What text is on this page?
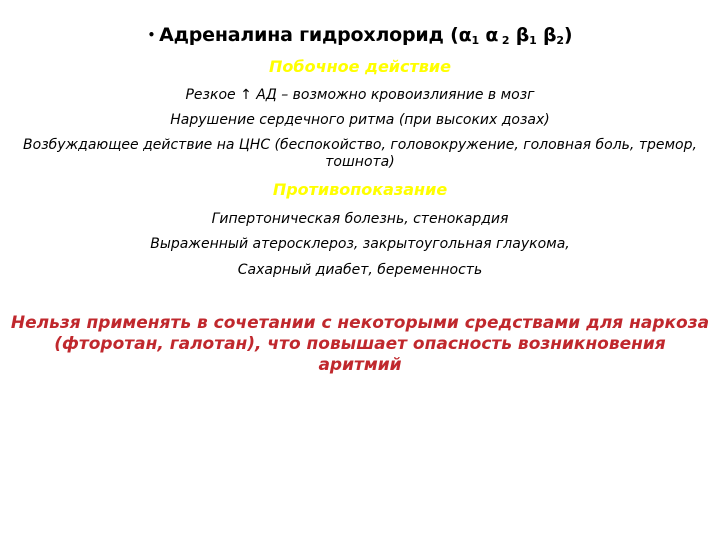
• Адреналина гидрохлорид ($\alpha_1$ α $_2$ $\beta_1$ $\beta_2$)
Побочное действие
Резкое ↑ АД – возможно кровоизлияние в мозг
Нарушение сердечного ритма (при высоких дозах)
Возбуждающее действие на ЦНС (беспокойство, головокружение, головная боль, тремор, тошнота)
Противопоказание
Гипертоническая болезнь, стенокардия
Выраженный атеросклероз, закрытоугольная глаукома,
Сахарный диабет, беременность
Нельзя применять в сочетании с некоторыми средствами для наркоза (фторотан, галотан), что повышает опасность возникновения аритмий
